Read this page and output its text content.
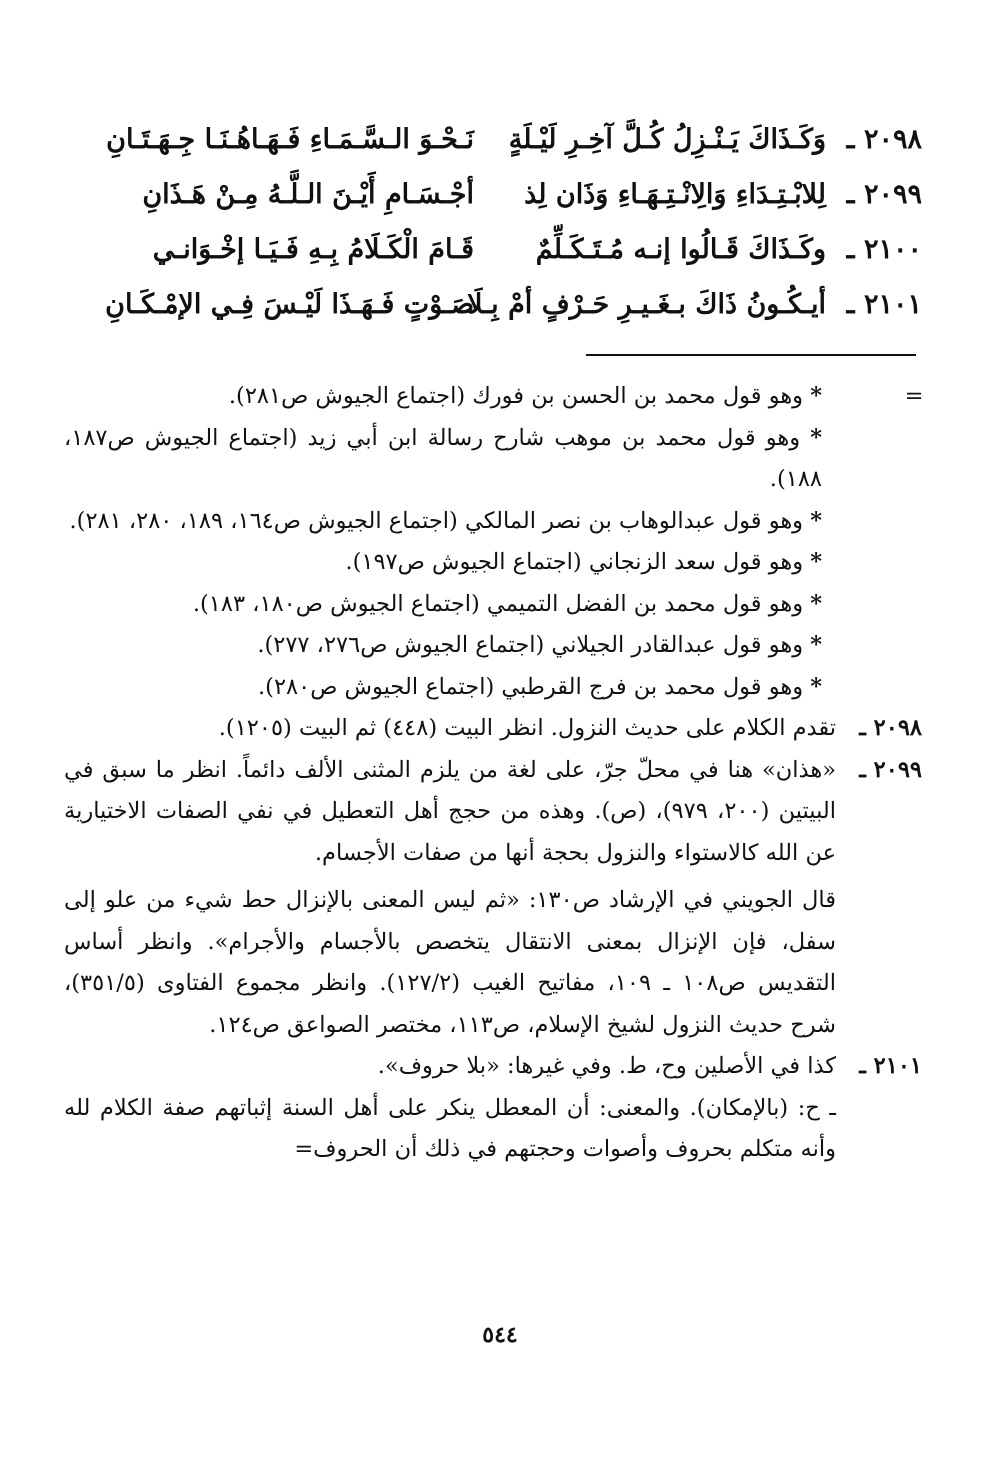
٢٠٩٨ ـ
وَكَـذَاكَ يَـنْـزِلُ كُـلَّ آخِـرِ لَيْـلَةٍ
نَـحْـوَ الـسَّـمَـاءِ فَـهَـاهُـنَـا جِـهَـتَـانِ
٢٠٩٩ ـ
لِلابْـتِـدَاءِ وَالِانْـتِـهَـاءِ وَذَان لِذ
أجْـسَـامِ أَيْـنَ الـلَّـهُ مِـنْ هَـذَانِ
٢١٠٠ ـ
وكَـذَاكَ قَـالُوا إنـه مُـتَـكَـلِّمٌ
قَـامَ الْكَـلَامُ بِـهِ فَـيَـا إخْـوَانـي
٢١٠١ ـ
أيـكُـونُ ذَاكَ بـغَـيـرِ حَـرْفٍ أمْ بِـلَا
صَـوْتٍ فَـهَـذَا لَيْـسَ فِـي الإمْـكَـانِ
=
* وهو قول محمد بن الحسن بن فورك (اجتماع الجيوش ص٢٨١).
* وهو قول محمد بن موهب شارح رسالة ابن أبي زيد (اجتماع الجيوش ص١٨٧، ١٨٨).
* وهو قول عبدالوهاب بن نصر المالكي (اجتماع الجيوش ص١٦٤، ١٨٩، ٢٨٠، ٢٨١).
* وهو قول سعد الزنجاني (اجتماع الجيوش ص١٩٧).
* وهو قول محمد بن الفضل التميمي (اجتماع الجيوش ص١٨٠، ١٨٣).
* وهو قول عبدالقادر الجيلاني (اجتماع الجيوش ص٢٧٦، ٢٧٧).
* وهو قول محمد بن فرج القرطبي (اجتماع الجيوش ص٢٨٠).
٢٠٩٨ ـ
تقدم الكلام على حديث النزول. انظر البيت (٤٤٨) ثم البيت (١٢٠٥).
٢٠٩٩ ـ
«هذان» هنا في محلّ جرّ، على لغة من يلزم المثنى الألف دائماً. انظر ما سبق في البيتين (٢٠٠، ٩٧٩)، (ص). وهذه من حجج أهل التعطيل في نفي الصفات الاختيارية عن الله كالاستواء والنزول بحجة أنها من صفات الأجسام.
قال الجويني في الإرشاد ص١٣٠: «ثم ليس المعنى بالإنزال حط شيء من علو إلى سفل، فإن الإنزال بمعنى الانتقال يتخصص بالأجسام والأجرام». وانظر أساس التقديس ص١٠٨ ـ ١٠٩، مفاتيح الغيب (١٢٧/٢). وانظر مجموع الفتاوى (٣٥١/٥)، شرح حديث النزول لشيخ الإسلام، ص١١٣، مختصر الصواعق ص١٢٤.
٢١٠١ ـ
كذا في الأصلين وح، ط. وفي غيرها: «بلا حروف».
ـ ح: (بالإمكان). والمعنى: أن المعطل ينكر على أهل السنة إثباتهم صفة الكلام لله وأنه متكلم بحروف وأصوات وحجتهم في ذلك أن الحروف=
٥٤٤
